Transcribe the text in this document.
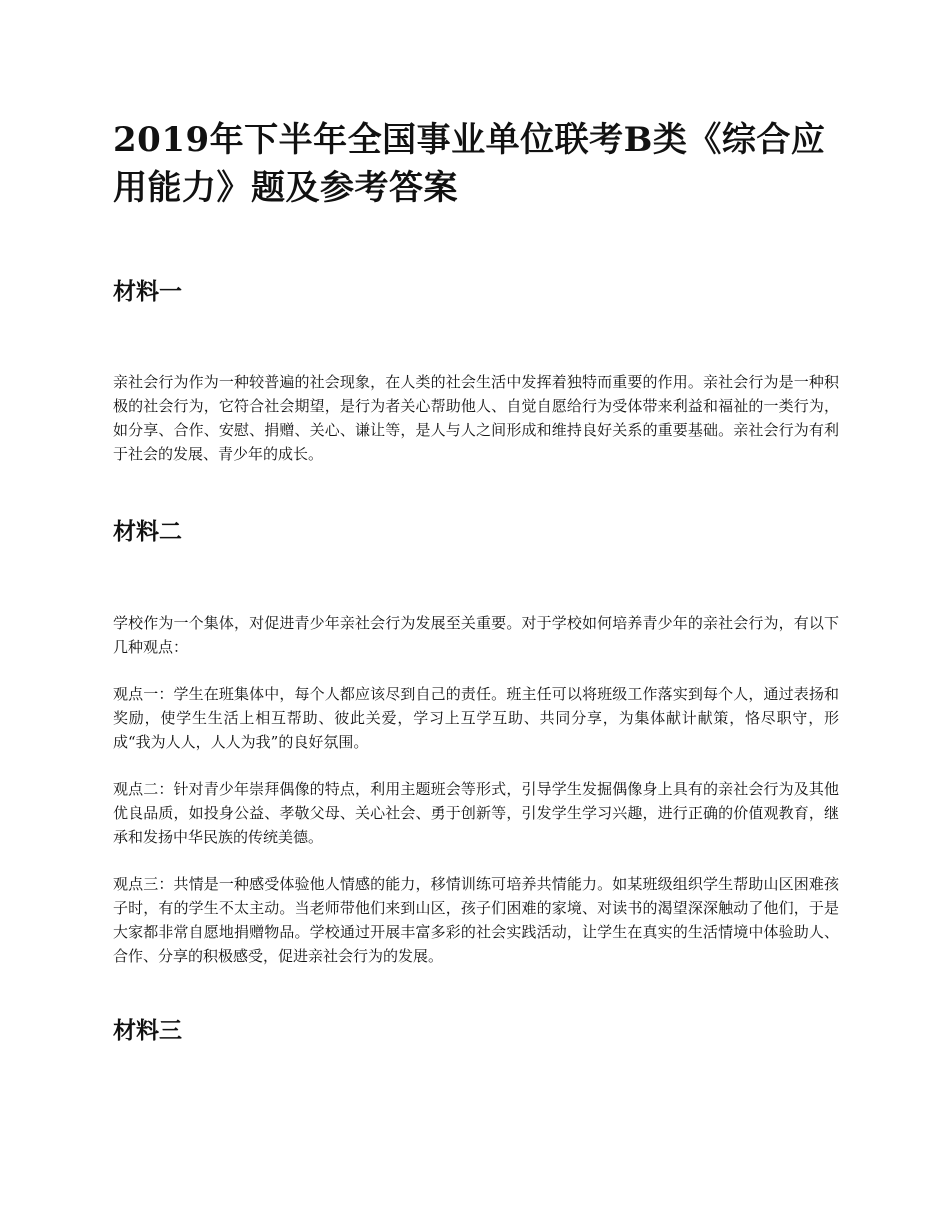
2019年下半年全国事业单位联考B类《综合应用能力》题及参考答案
材料一

亲社会行为作为一种较普遍的社会现象，在人类的社会生活中发挥着独特而重要的作用。亲社会行为是一种积极的社会行为，它符合社会期望，是行为者关心帮助他人、自觉自愿给行为受体带来利益和福祉的一类行为，如分享、合作、安慰、捐赠、关心、谦让等，是人与人之间形成和维持良好关系的重要基础。亲社会行为有利于社会的发展、青少年的成长。

材料二

学校作为一个集体，对促进青少年亲社会行为发展至关重要。对于学校如何培养青少年的亲社会行为，有以下几种观点：

观点一：学生在班集体中，每个人都应该尽到自己的责任。班主任可以将班级工作落实到每个人，通过表扬和奖励，使学生生活上相互帮助、彼此关爱，学习上互学互助、共同分享，为集体献计献策，恪尽职守，形成“我为人人，人人为我”的良好氛围。

观点二：针对青少年崇拜偶像的特点，利用主题班会等形式，引导学生发掘偶像身上具有的亲社会行为及其他优良品质，如投身公益、孝敬父母、关心社会、勇于创新等，引发学生学习兴趣，进行正确的价值观教育，继承和发扬中华民族的传统美德。

观点三：共情是一种感受体验他人情感的能力，移情训练可培养共情能力。如某班级组织学生帮助山区困难孩子时，有的学生不太主动。当老师带他们来到山区，孩子们困难的家境、对读书的渴望深深触动了他们，于是大家都非常自愿地捐赠物品。学校通过开展丰富多彩的社会实践活动，让学生在真实的生活情境中体验助人、合作、分享的积极感受，促进亲社会行为的发展。

材料三
